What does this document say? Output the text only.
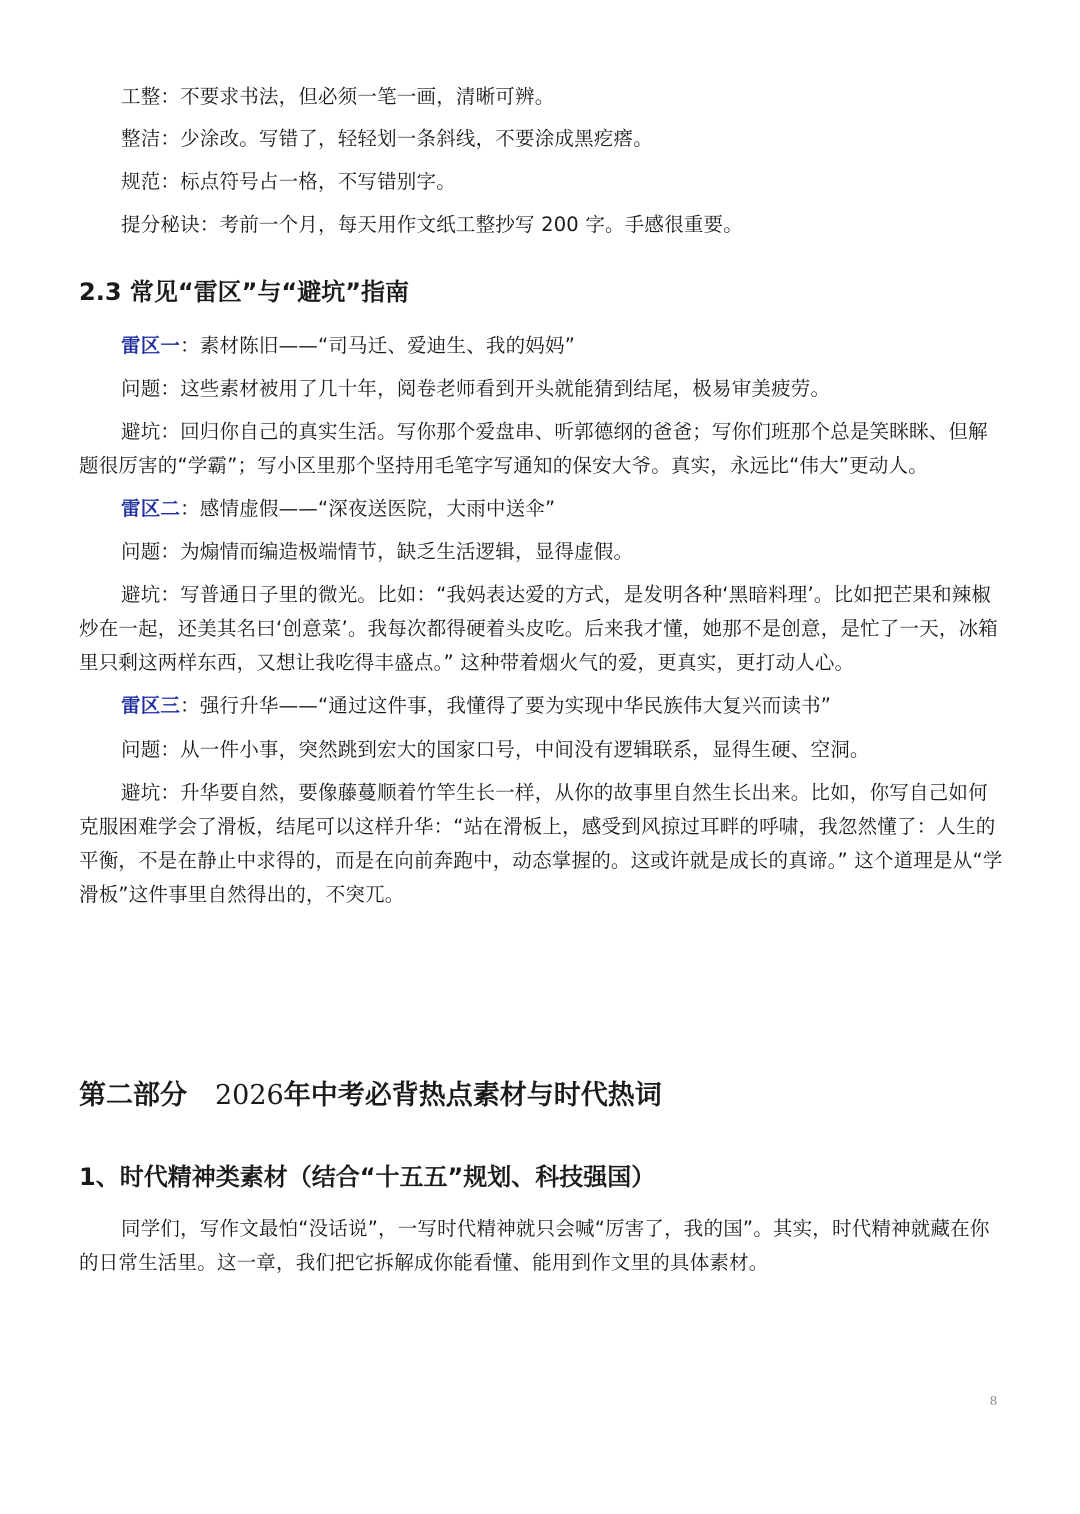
工整：不要求书法，但必须一笔一画，清晰可辨。

整洁：少涂改。写错了，轻轻划一条斜线，不要涂成黑疙瘩。

规范：标点符号占一格，不写错别字。

提分秘诀：考前一个月，每天用作文纸工整抄写 200 字。手感很重要。

2.3 常见“雷区”与“避坑”指南

雷区一：素材陈旧——“司马迁、爱迪生、我的妈妈”

问题：这些素材被用了几十年，阅卷老师看到开头就能猜到结尾，极易审美疲劳。

避坑：回归你自己的真实生活。写你那个爱盘串、听郭德纲的爸爸；写你们班那个总是笑眯眯、但解题很厉害的“学霸”；写小区里那个坚持用毛笔字写通知的保安大爷。真实，永远比“伟大”更动人。

雷区二：感情虚假——“深夜送医院，大雨中送伞”

问题：为煽情而编造极端情节，缺乏生活逻辑，显得虚假。

避坑：写普通日子里的微光。比如：“我妈表达爱的方式，是发明各种‘黑暗料理’。比如把芒果和辣椒炒在一起，还美其名曰‘创意菜’。我每次都得硬着头皮吃。后来我才懂，她那不是创意，是忙了一天，冰箱里只剩这两样东西，又想让我吃得丰盛点。” 这种带着烟火气的爱，更真实，更打动人心。

雷区三：强行升华——“通过这件事，我懂得了要为实现中华民族伟大复兴而读书”

问题：从一件小事，突然跳到宏大的国家口号，中间没有逻辑联系，显得生硬、空洞。

避坑：升华要自然，要像藤蔓顺着竹竿生长一样，从你的故事里自然生长出来。比如，你写自己如何克服困难学会了滑板，结尾可以这样升华：“站在滑板上，感受到风掠过耳畔的呼啸，我忽然懂了：人生的平衡，不是在静止中求得的，而是在向前奔跑中，动态掌握的。这或许就是成长的真谛。” 这个道理是从“学滑板”这件事里自然得出的，不突兀。

第二部分 2026年中考必背热点素材与时代热词
1、时代精神类素材（结合“十五五”规划、科技强国）

同学们，写作文最怕“没话说”，一写时代精神就只会喊“厉害了，我的国”。其实，时代精神就藏在你的日常生活里。这一章，我们把它拆解成你能看懂、能用到作文里的具体素材。

8
